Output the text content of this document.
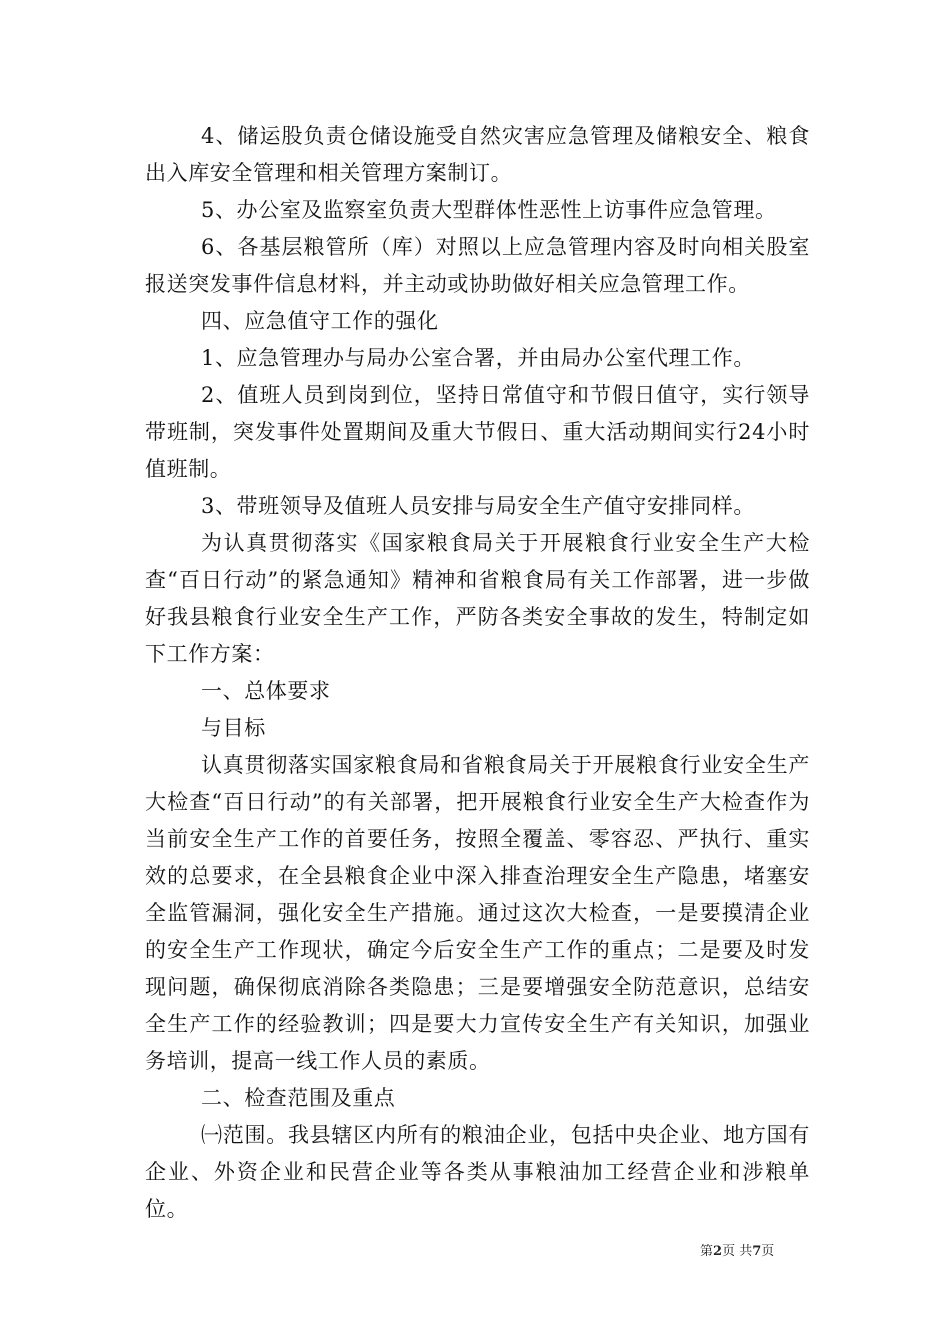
4、储运股负责仓储设施受自然灾害应急管理及储粮安全、粮食出入库安全管理和相关管理方案制订。

5、办公室及监察室负责大型群体性恶性上访事件应急管理。

6、各基层粮管所（库）对照以上应急管理内容及时向相关股室报送突发事件信息材料，并主动或协助做好相关应急管理工作。

四、应急值守工作的强化

1、应急管理办与局办公室合署，并由局办公室代理工作。

2、值班人员到岗到位，坚持日常值守和节假日值守，实行领导带班制，突发事件处置期间及重大节假日、重大活动期间实行24小时值班制。

3、带班领导及值班人员安排与局安全生产值守安排同样。

为认真贯彻落实《国家粮食局关于开展粮食行业安全生产大检查“百日行动”的紧急通知》精神和省粮食局有关工作部署，进一步做好我县粮食行业安全生产工作，严防各类安全事故的发生，特制定如下工作方案：

一、总体要求

与目标

认真贯彻落实国家粮食局和省粮食局关于开展粮食行业安全生产大检查“百日行动”的有关部署，把开展粮食行业安全生产大检查作为当前安全生产工作的首要任务，按照全覆盖、零容忍、严执行、重实效的总要求，在全县粮食企业中深入排查治理安全生产隐患，堵塞安全监管漏洞，强化安全生产措施。通过这次大检查，一是要摸清企业的安全生产工作现状，确定今后安全生产工作的重点；二是要及时发现问题，确保彻底消除各类隐患；三是要增强安全防范意识，总结安全生产工作的经验教训；四是要大力宣传安全生产有关知识，加强业务培训，提高一线工作人员的素质。

二、检查范围及重点

㈠范围。我县辖区内所有的粮油企业，包括中央企业、地方国有企业、外资企业和民营企业等各类从事粮油加工经营企业和涉粮单位。

第2页 共7页
